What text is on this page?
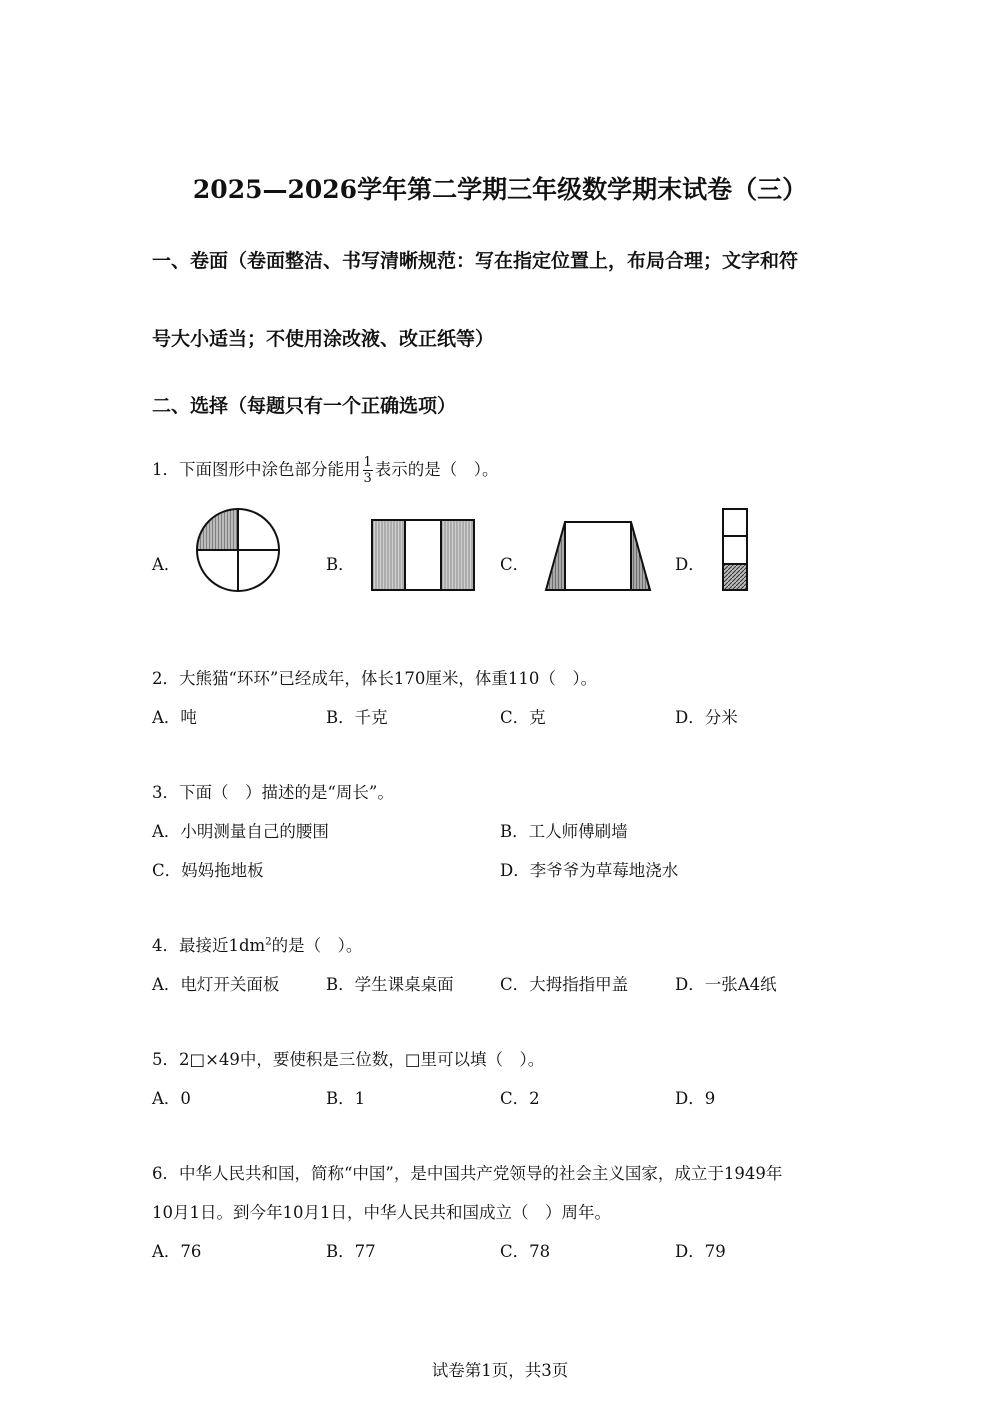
2025—2026学年第二学期三年级数学期末试卷（三）
一、卷面（卷面整洁、书写清晰规范：写在指定位置上，布局合理；文字和符
号大小适当；不使用涂改液、改正纸等）
二、选择（每题只有一个正确选项）
1．下面图形中涂色部分能用 $\frac{1}{3}$ 表示的是（　）。
A．	B．	C．	D．
2．大熊猫“环环”已经成年，体长170厘米，体重110（　）。
A．吨	B．千克	C．克	D．分米
3．下面（　）描述的是“周长”。
A．小明测量自己的腰围	B．工人师傅刷墙
C．妈妈拖地板	D．李爷爷为草莓地浇水
4．最接近$1dm^2$的是（　）。
A．电灯开关面板	B．学生课桌桌面	C．大拇指指甲盖	D．一张A4纸
5．2□×49中，要使积是三位数，□里可以填（　）。
A．0	B．1	C．2	D．9
6．中华人民共和国，简称“中国”，是中国共产党领导的社会主义国家，成立于1949年
10月1日。到今年10月1日，中华人民共和国成立（　）周年。
A．76	B．77	C．78	D．79
试卷第1页，共3页
